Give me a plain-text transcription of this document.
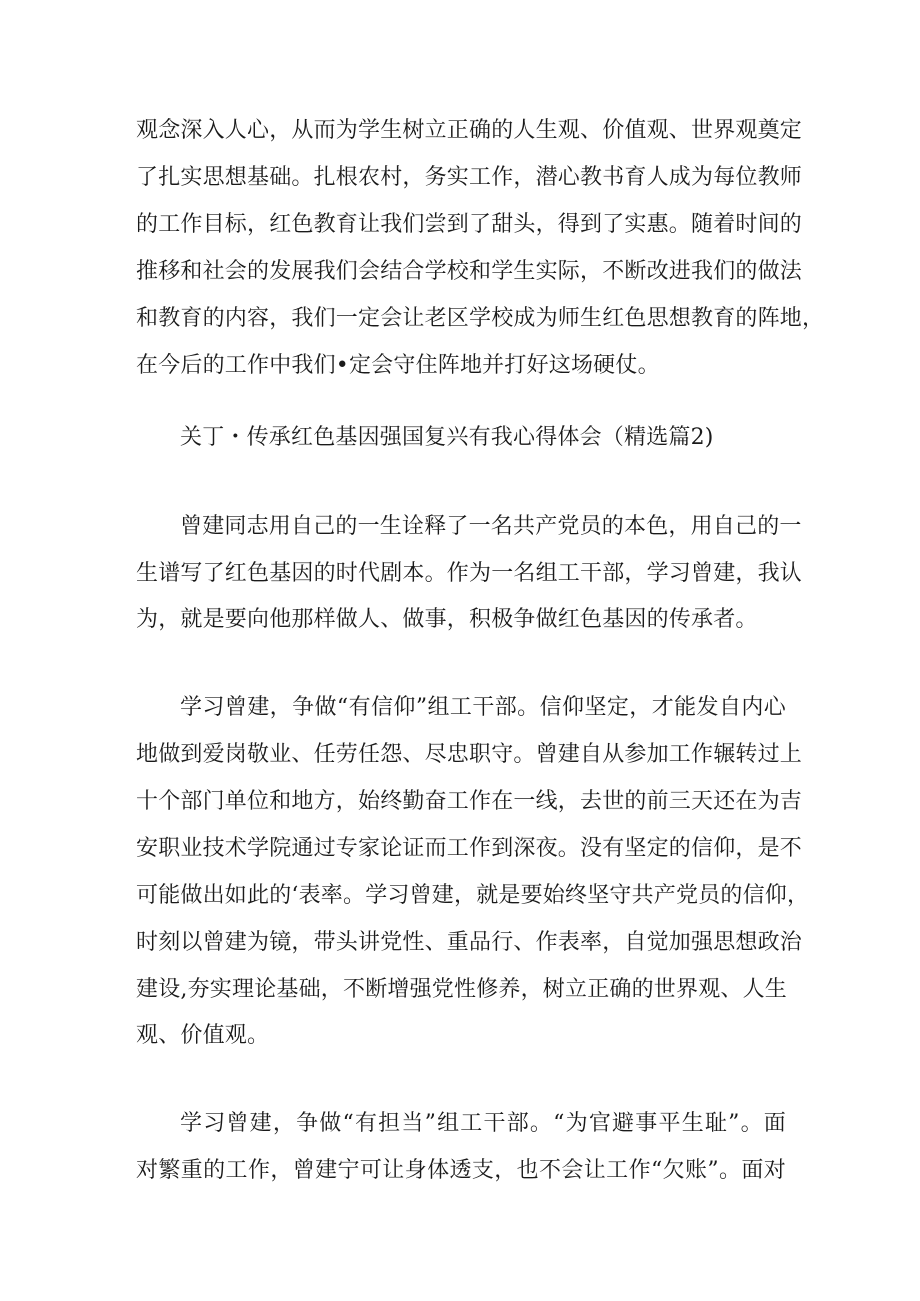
观念深入人心，从而为学生树立正确的人生观、价值观、世界观奠定
了扎实思想基础。扎根农村，务实工作，潜心教书育人成为每位教师
的工作目标，红色教育让我们尝到了甜头，得到了实惠。随着时间的
推移和社会的发展我们会结合学校和学生实际，不断改进我们的做法
和教育的内容，我们一定会让老区学校成为师生红色思想教育的阵地，
在今后的工作中我们•定会守住阵地并打好这场硬仗。
关丁・传承红色基因强国复兴有我心得体会（精选篇2)
曾建同志用自己的一生诠释了一名共产党员的本色，用自己的一
生谱写了红色基因的时代剧本。作为一名组工干部，学习曾建，我认
为，就是要向他那样做人、做事，积极争做红色基因的传承者。
学习曾建，争做“有信仰”组工干部。信仰坚定，才能发自内心
地做到爱岗敬业、任劳任怨、尽忠职守。曾建自从参加工作辗转过上
十个部门单位和地方，始终勤奋工作在一线，去世的前三天还在为吉
安职业技术学院通过专家论证而工作到深夜。没有坚定的信仰，是不
可能做出如此的‘表率。学习曾建，就是要始终坚守共产党员的信仰，
时刻以曾建为镜，带头讲党性、重品行、作表率，自觉加强思想政治
建设,夯实理论基础，不断增强党性修养，树立正确的世界观、人生
观、价值观。
学习曾建，争做“有担当”组工干部。“为官避事平生耻”。面
对繁重的工作，曾建宁可让身体透支，也不会让工作“欠账”。面对
